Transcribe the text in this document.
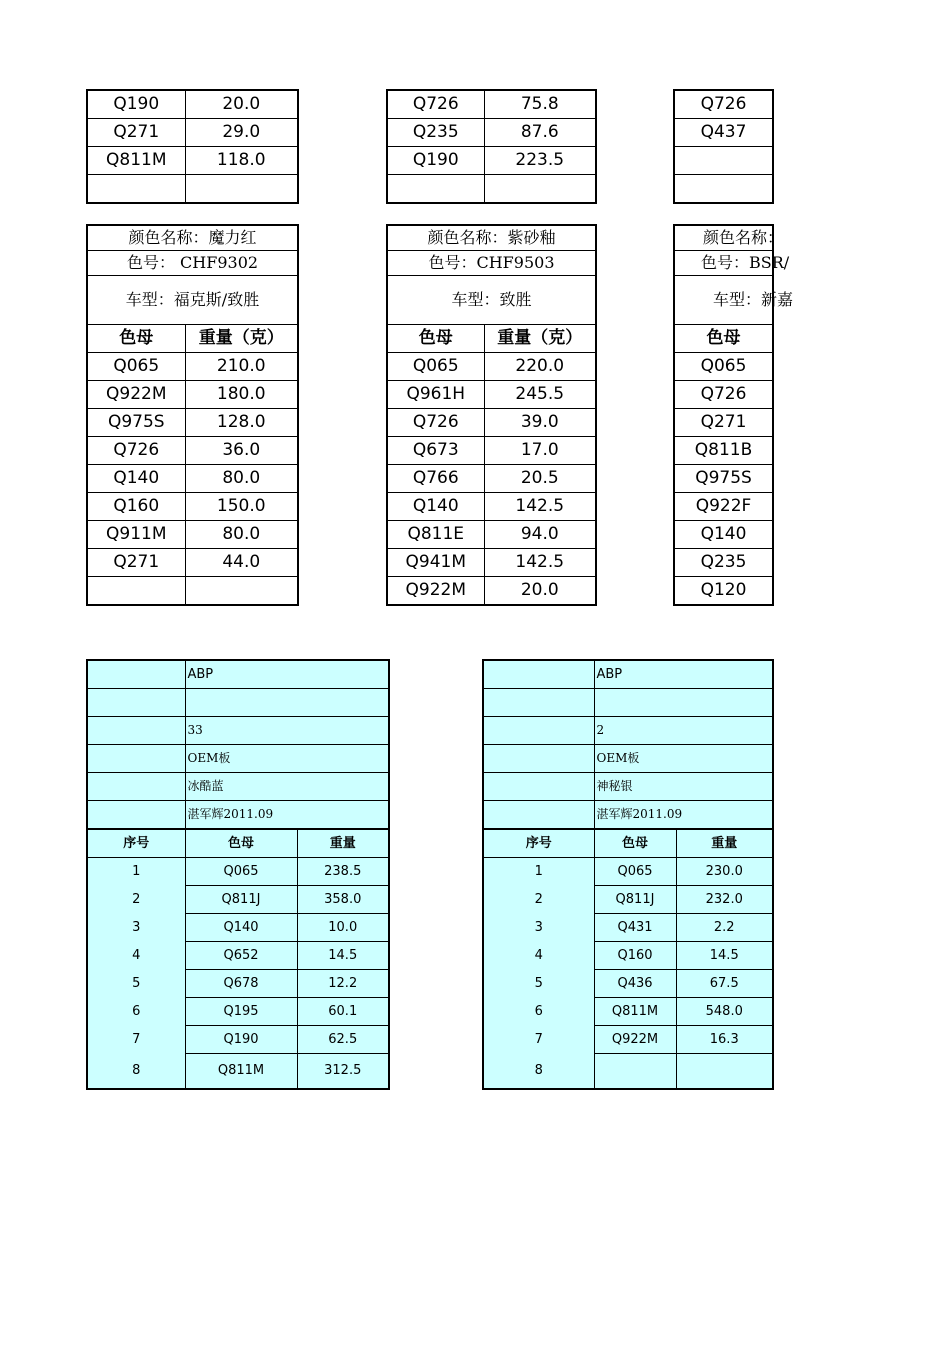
Q190	20.0
Q271	29.0
Q811M	118.0

Q726	75.8
Q235	87.6
Q190	223.5

Q726
Q437

颜色名称：魔力红	
色号： CHF9302	
车型：福克斯/致胜	
色母	重量（克）
Q065	210.0
Q922M	180.0
Q975S	128.0
Q726	36.0
Q140	80.0
Q160	150.0
Q911M	80.0
Q271	44.0

颜色名称：紫砂釉	
色号：CHF9503	
车型：致胜	
色母	重量（克）
Q065	220.0
Q961H	245.5
Q726	39.0
Q673	17.0
Q766	20.5
Q140	142.5
Q811E	94.0
Q941M	142.5
Q922M	20.0
颜色名称：
色号：BSR/
车型：新嘉
色母
Q065
Q726
Q271
Q811B
Q975S
Q922F
Q140
Q235
Q120
	ABP	

	33	
	OEM板	
	冰酷蓝	
	湛军辉2011.09	
序号	色母	重量
1	Q065	238.5
2	Q811J	358.0
3	Q140	10.0
4	Q652	14.5
5	Q678	12.2
6	Q195	60.1
7	Q190	62.5
8	Q811M	312.5
	ABP	

	2	
	OEM板	
	神秘银	
	湛军辉2011.09	
序号	色母	重量
1	Q065	230.0
2	Q811J	232.0
3	Q431	2.2
4	Q160	14.5
5	Q436	67.5
6	Q811M	548.0
7	Q922M	16.3
8		
